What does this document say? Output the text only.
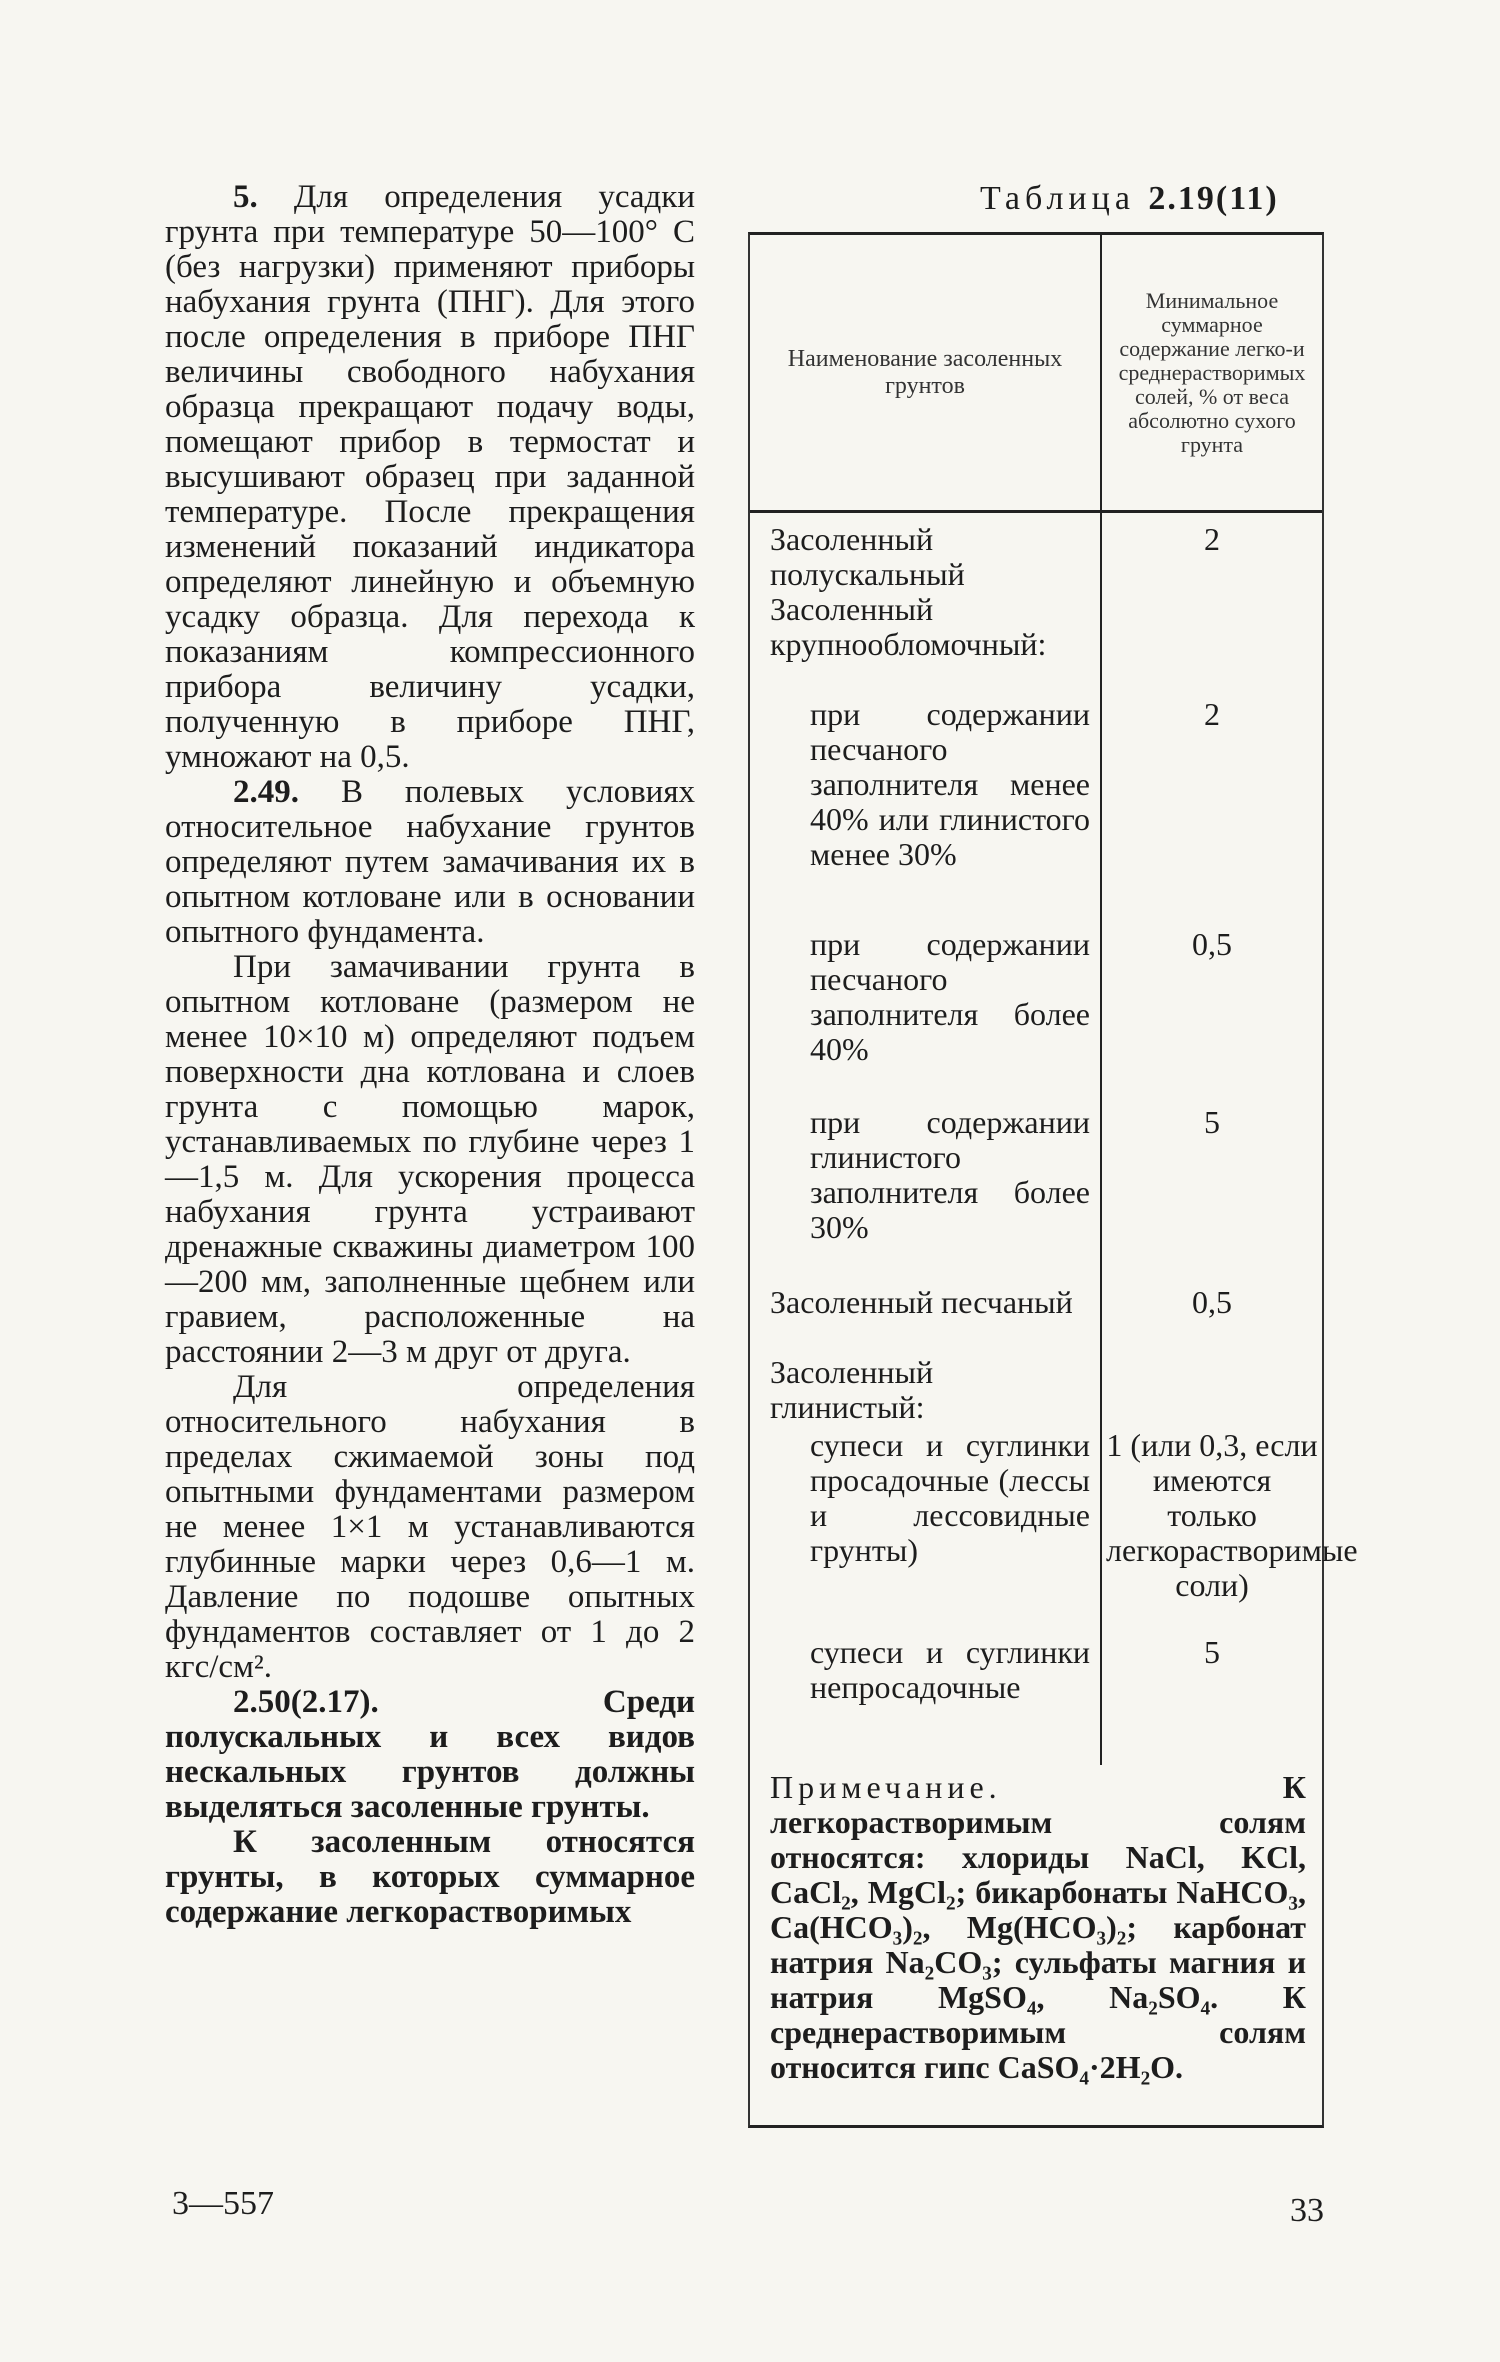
5. Для определения усадки грунта при температуре 50—100° С (без нагрузки) применяют приборы набухания грунта (ПНГ). Для этого после определения в приборе ПНГ величины свободного набухания образца прекращают подачу воды, помещают прибор в термостат и высушивают образец при заданной температуре. После прекращения изменений показаний индикатора определяют линейную и объемную усадку образца. Для перехода к показаниям компрессионного прибора величину усадки, полученную в приборе ПНГ, умножают на 0,5.

2.49. В полевых условиях относительное набухание грунтов определяют путем замачивания их в опытном котловане или в основании опытного фундамента.

При замачивании грунта в опытном котловане (размером не менее 10×10 м) определяют подъем поверхности дна котлована и слоев грунта с помощью марок, устанавливаемых по глубине через 1—1,5 м. Для ускорения процесса набухания грунта устраивают дренажные скважины диаметром 100—200 мм, заполненные щебнем или гравием, расположенные на расстоянии 2—3 м друг от друга.

Для определения относительного набухания в пределах сжимаемой зоны под опытными фундаментами размером не менее 1×1 м устанавливаются глубинные марки через 0,6—1 м. Давление по подошве опытных фундаментов составляет от 1 до 2 кгс/см².

2.50(2.17). Среди полускальных и всех видов нескальных грунтов должны выделяться засоленные грунты.

К засоленным относятся грунты, в которых суммарное содержание легкорастворимых

Таблица 2.19(11)
Наименование засоленных грунтов
Минимальное суммарное содержание легко-и среднерастворимых солей, % от веса абсолютно сухого грунта
Засоленный полускальный
2
Засоленный крупнообломочный:
при содержании песчаного заполнителя менее 40% или глинистого менее 30%
2
при содержании песчаного заполнителя более 40%
0,5
при содержании глинистого заполнителя более 30%
5
Засоленный песчаный	0,5
Засоленный глинистый:
супеси и суглинки просадочные (лессы и лессовидные грунты)
1 (или 0,3, если имеются только легкорастворимые соли)
супеси и суглинки непросадочные
5
Примечание. К легкорастворимым солям относятся: хлориды NaCl, KCl, CaCl₂, MgCl₂; бикарбонаты NaHCO₃, Ca(HCO₃)₂, Mg(HCO₃)₂; карбонат натрия Na₂CO₃; сульфаты магния и натрия MgSO₄, Na₂SO₄. К среднерастворимым солям относится гипс CaSO₄·2H₂O.
3—557	33
